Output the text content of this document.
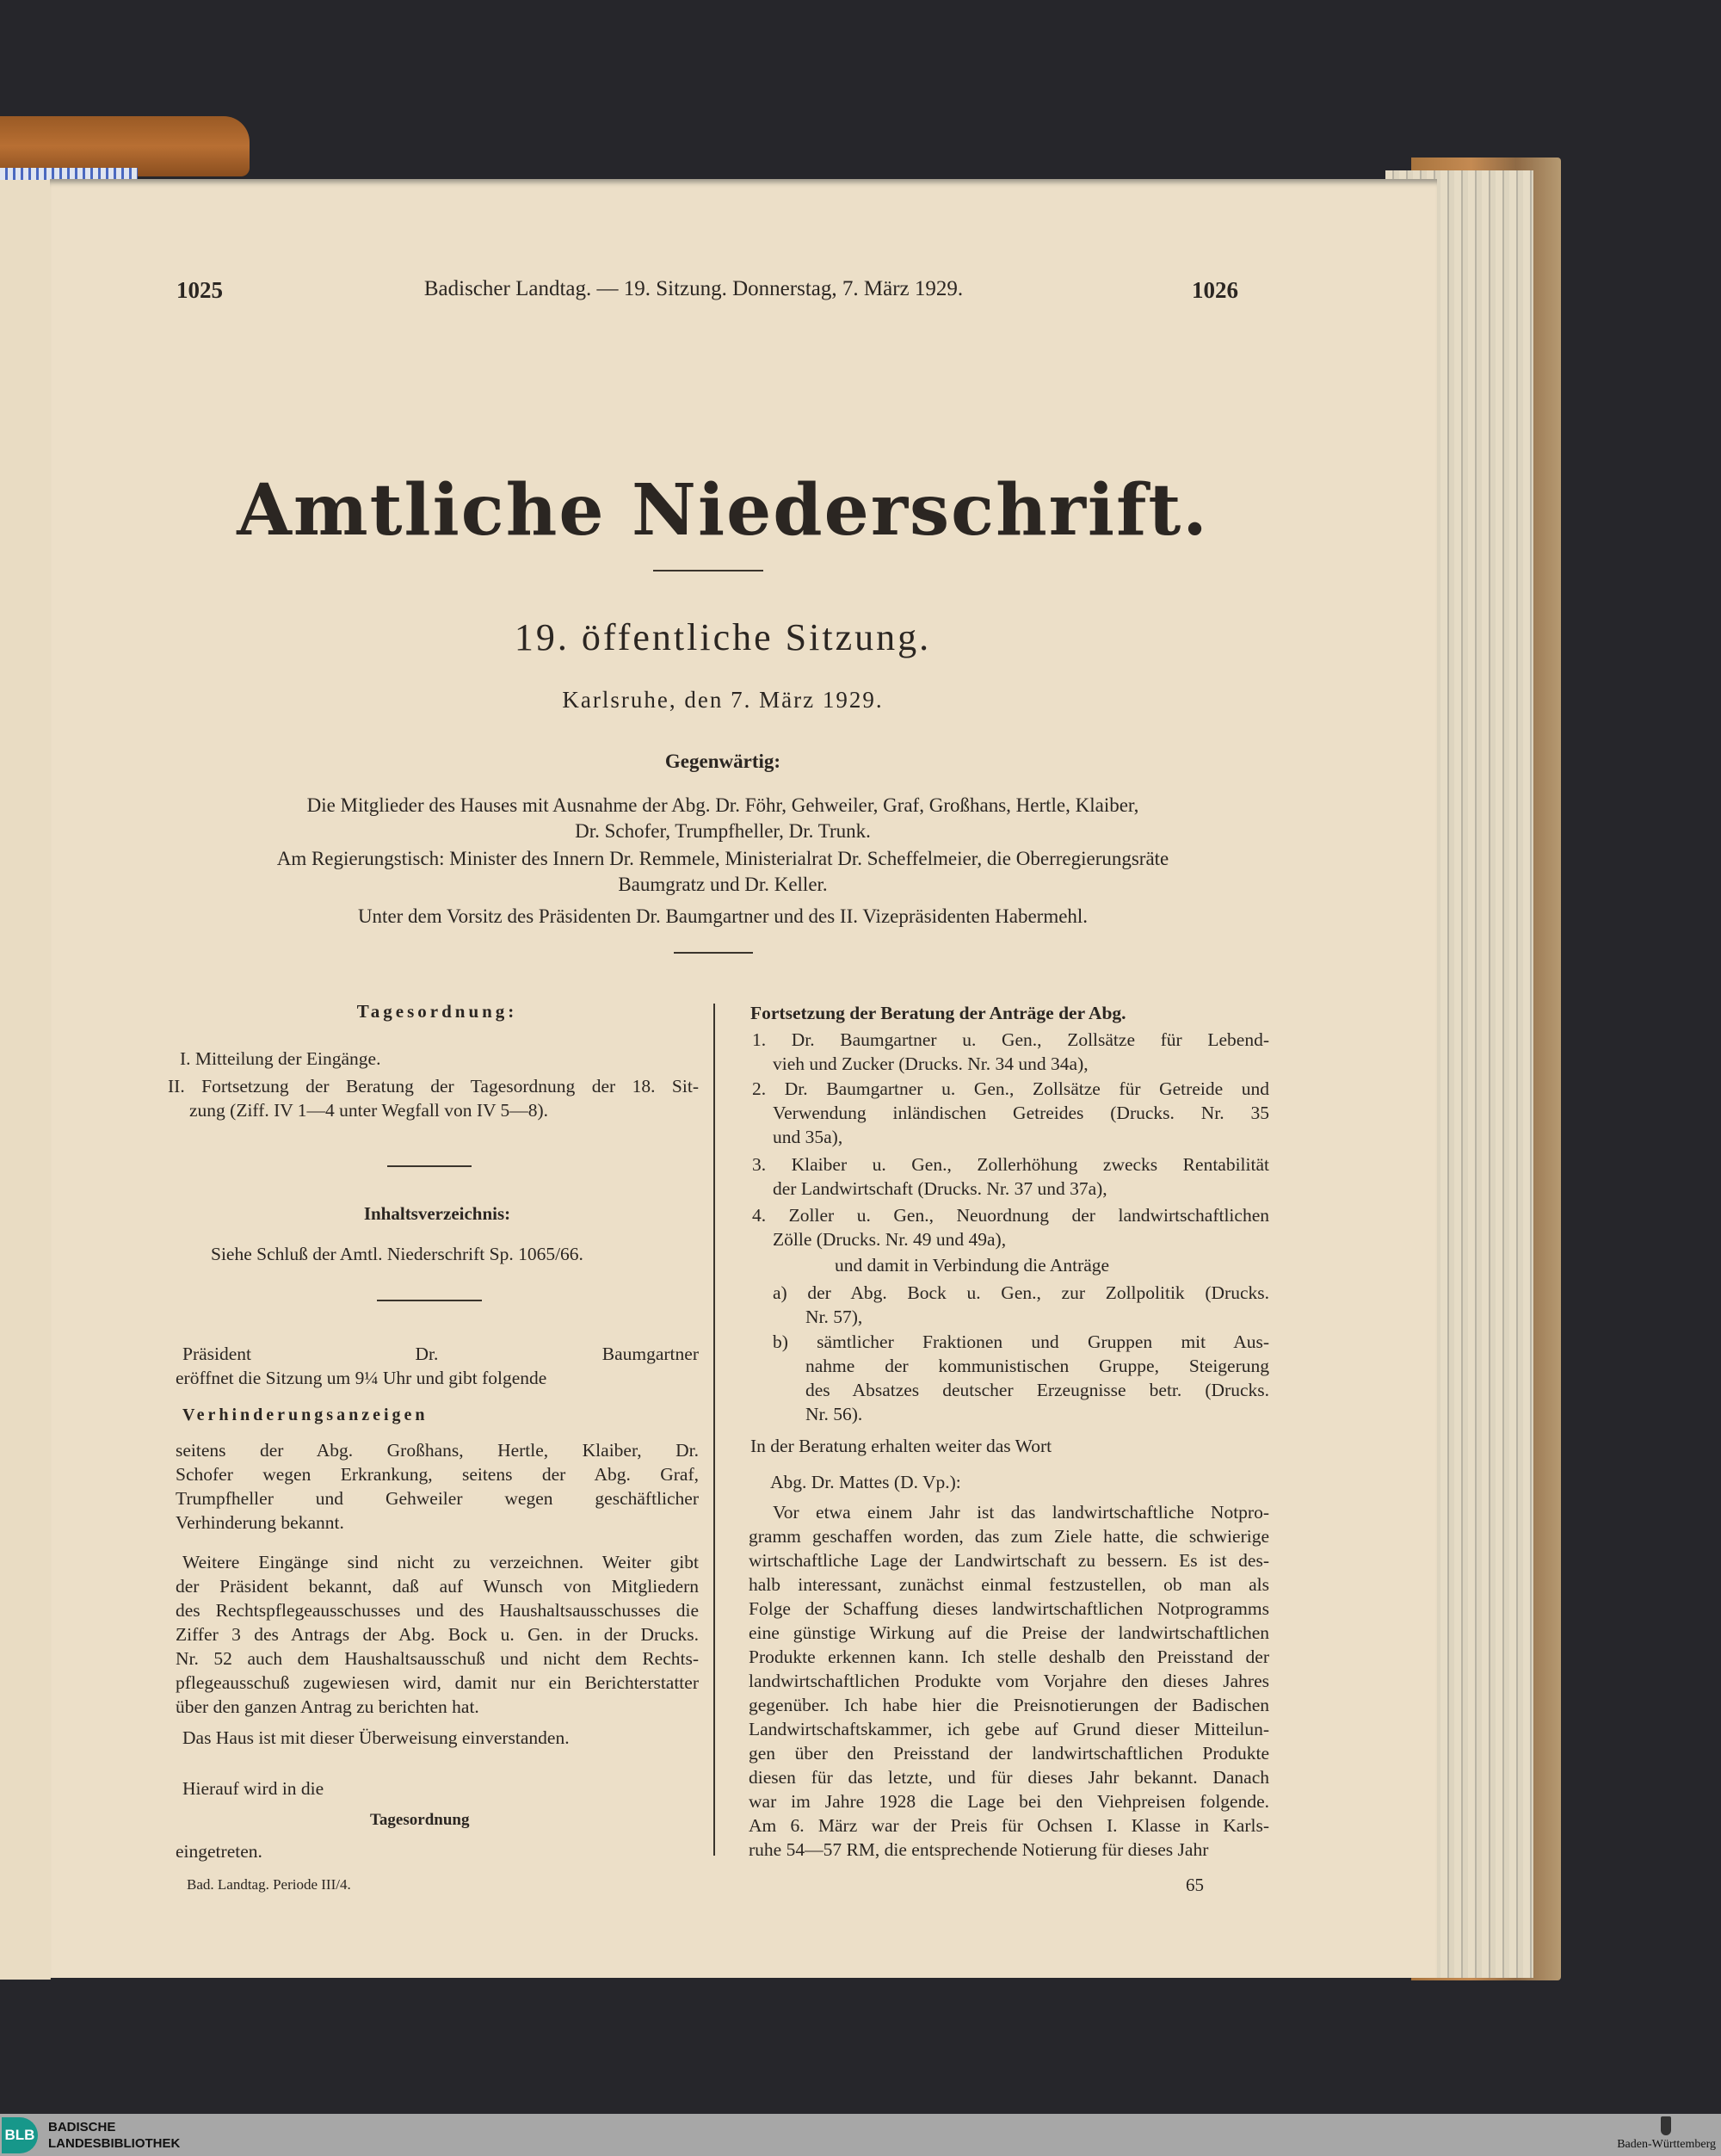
1025	Badischer Landtag. — 19. Sitzung. Donnerstag, 7. März 1929.	1026
Amtliche Niederschrift.
19. öffentliche Sitzung.
Karlsruhe, den 7. März 1929.
Gegenwärtig:
Die Mitglieder des Hauses mit Ausnahme der Abg. Dr. Föhr, Gehweiler, Graf, Großhans, Hertle, Klaiber,
Dr. Schofer, Trumpfheller, Dr. Trunk.
Am Regierungstisch: Minister des Innern Dr. Remmele, Ministerialrat Dr. Scheffelmeier, die Oberregierungsräte
Baumgratz und Dr. Keller.
Unter dem Vorsitz des Präsidenten Dr. Baumgartner und des II. Vizepräsidenten Habermehl.
Tagesordnung:
I. Mitteilung der Eingänge.
II. Fortsetzung der Beratung der Tagesordnung der 18. Sit-
zung (Ziff. IV 1—4 unter Wegfall von IV 5—8).
Inhaltsverzeichnis:
Siehe Schluß der Amtl. Niederschrift Sp. 1065/66.
Präsident Dr. Baumgartner
eröffnet die Sitzung um 9¼ Uhr und gibt folgende
Verhinderungsanzeigen
seitens der Abg. Großhans, Hertle, Klaiber, Dr.
Schofer wegen Erkrankung, seitens der Abg. Graf,
Trumpfheller und Gehweiler wegen geschäftlicher
Verhinderung bekannt.
Weitere Eingänge sind nicht zu verzeichnen. Weiter gibt
der Präsident bekannt, daß auf Wunsch von Mitgliedern
des Rechtspflegeausschusses und des Haushaltsausschusses die
Ziffer 3 des Antrags der Abg. Bock u. Gen. in der Drucks.
Nr. 52 auch dem Haushaltsausschuß und nicht dem Rechts-
pflegeausschuß zugewiesen wird, damit nur ein Berichterstatter
über den ganzen Antrag zu berichten hat.
Das Haus ist mit dieser Überweisung einverstanden.
Hierauf wird in die
Tagesordnung
eingetreten.
Bad. Landtag. Periode III/4.
Fortsetzung der Beratung der Anträge der Abg.
1. Dr. Baumgartner u. Gen., Zollsätze für Lebend-
vieh und Zucker (Drucks. Nr. 34 und 34a),
2. Dr. Baumgartner u. Gen., Zollsätze für Getreide und
Verwendung inländischen Getreides (Drucks. Nr. 35
und 35a),
3. Klaiber u. Gen., Zollerhöhung zwecks Rentabilität
der Landwirtschaft (Drucks. Nr. 37 und 37a),
4. Zoller u. Gen., Neuordnung der landwirtschaftlichen
Zölle (Drucks. Nr. 49 und 49a),
und damit in Verbindung die Anträge
a) der Abg. Bock u. Gen., zur Zollpolitik (Drucks.
Nr. 57),
b) sämtlicher Fraktionen und Gruppen mit Aus-
nahme der kommunistischen Gruppe, Steigerung
des Absatzes deutscher Erzeugnisse betr. (Drucks.
Nr. 56).
In der Beratung erhalten weiter das Wort
Abg. Dr. Mattes (D. Vp.):
Vor etwa einem Jahr ist das landwirtschaftliche Notpro-
gramm geschaffen worden, das zum Ziele hatte, die schwierige
wirtschaftliche Lage der Landwirtschaft zu bessern. Es ist des-
halb interessant, zunächst einmal festzustellen, ob man als
Folge der Schaffung dieses landwirtschaftlichen Notprogramms
eine günstige Wirkung auf die Preise der landwirtschaftlichen
Produkte erkennen kann. Ich stelle deshalb den Preisstand der
landwirtschaftlichen Produkte vom Vorjahre den dieses Jahres
gegenüber. Ich habe hier die Preisnotierungen der Badischen
Landwirtschaftskammer, ich gebe auf Grund dieser Mitteilun-
gen über den Preisstand der landwirtschaftlichen Produkte
diesen für das letzte, und für dieses Jahr bekannt. Danach
war im Jahre 1928 die Lage bei den Viehpreisen folgende.
Am 6. März war der Preis für Ochsen I. Klasse in Karls-
ruhe 54—57 RM, die entsprechende Notierung für dieses Jahr
65
BLB BADISCHE
LANDESBIBLIOTHEK	Baden-Württemberg
